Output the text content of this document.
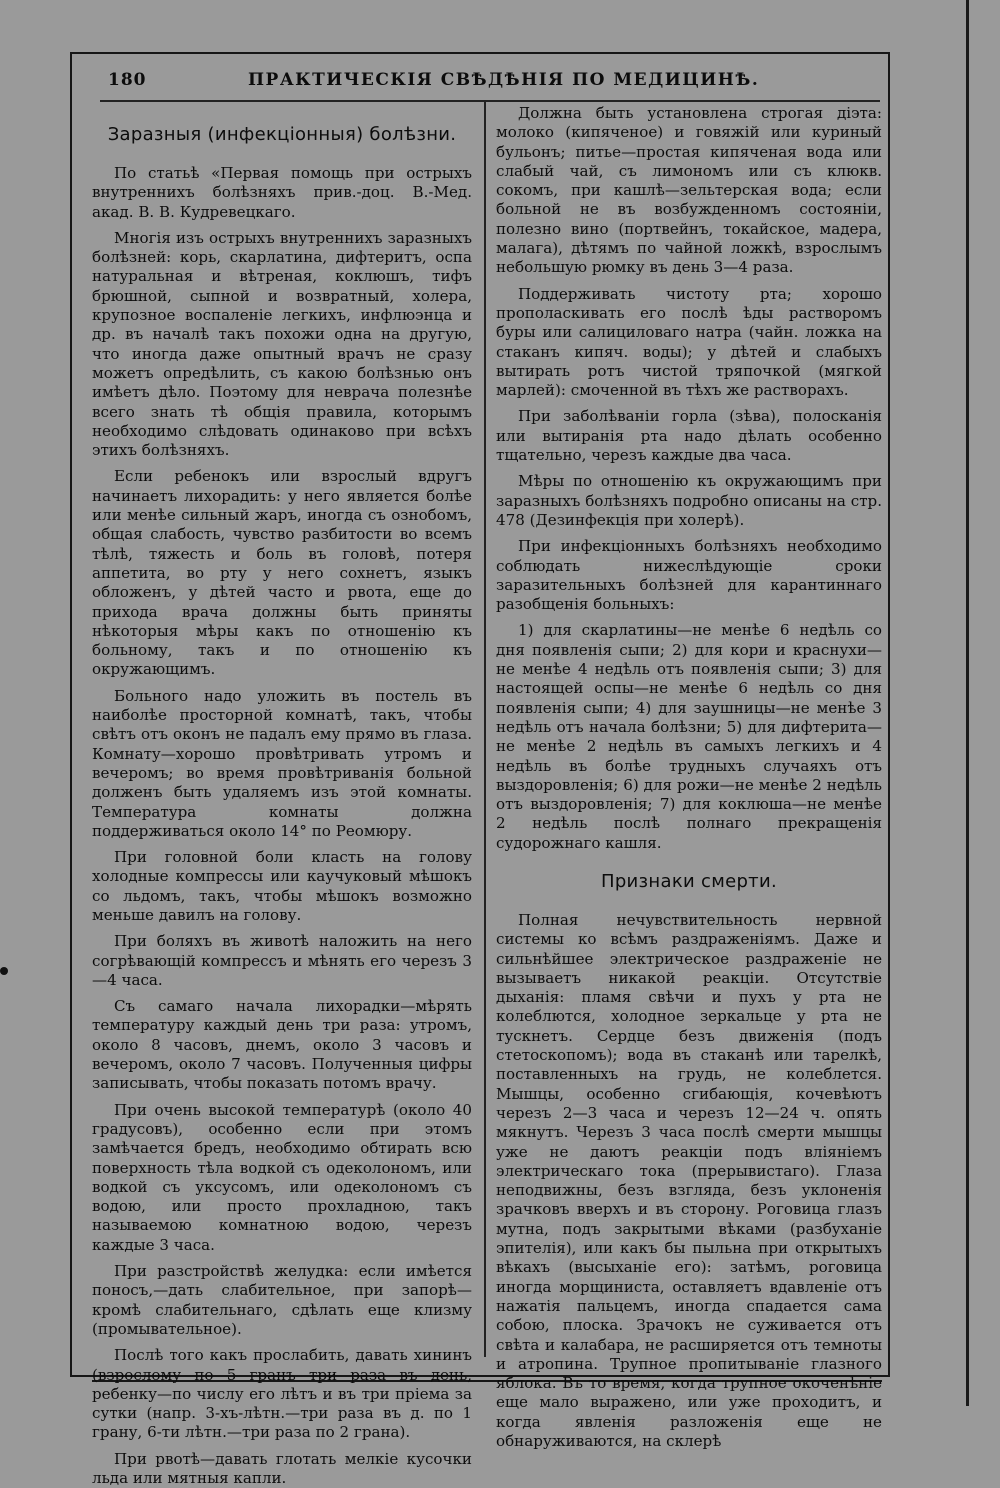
180	ПРАКТИЧЕСКІЯ СВѢДѢНІЯ ПО МЕДИЦИНѢ.
Заразныя (инфекціонныя) болѣзни.

По статьѣ «Первая помощь при острыхъ внутреннихъ болѣзняхъ прив.-доц. В.-Мед. акад. В. В. Кудревецкаго.

Многія изъ острыхъ внутреннихъ заразныхъ болѣзней: корь, скарлатина, дифтеритъ, оспа натуральная и вѣтреная, коклюшъ, тифъ брюшной, сыпной и возвратный, холера, крупозное воспаленіе легкихъ, инфлюэнца и др. въ началѣ такъ похожи одна на другую, что иногда даже опытный врачъ не сразу можетъ опредѣлить, съ какою болѣзнью онъ имѣетъ дѣло. Поэтому для неврача полезнѣе всего знать тѣ общія правила, которымъ необходимо слѣдовать одинаково при всѣхъ этихъ болѣзняхъ.

Если ребенокъ или взрослый вдругъ начинаетъ лихорадить: у него является болѣе или менѣе сильный жаръ, иногда съ ознобомъ, общая слабость, чувство разбитости во всемъ тѣлѣ, тяжесть и боль въ головѣ, потеря аппетита, во рту у него сохнетъ, языкъ обложенъ, у дѣтей часто и рвота, еще до прихода врача должны быть приняты нѣкоторыя мѣры какъ по отношенію къ больному, такъ и по отношенію къ окружающимъ.

Больного надо уложить въ постель въ наиболѣе просторной комнатѣ, такъ, чтобы свѣтъ отъ оконъ не падалъ ему прямо въ глаза. Комнату—хорошо провѣтривать утромъ и вечеромъ; во время провѣтриванія больной долженъ быть удаляемъ изъ этой комнаты. Температура комнаты должна поддерживаться около 14° по Реомюру.

При головной боли класть на голову холодные компрессы или каучуковый мѣшокъ со льдомъ, такъ, чтобы мѣшокъ возможно меньше давилъ на голову.

При боляхъ въ животѣ наложить на него согрѣвающій компрессъ и мѣнять его черезъ 3—4 часа.

Съ самаго начала лихорадки—мѣрять температуру каждый день три раза: утромъ, около 8 часовъ, днемъ, около 3 часовъ и вечеромъ, около 7 часовъ. Полученныя цифры записывать, чтобы показать потомъ врачу.

При очень высокой температурѣ (около 40 градусовъ), особенно если при этомъ замѣчается бредъ, необходимо обтирать всю поверхность тѣла водкой съ одеколономъ, или водкой съ уксусомъ, или одеколономъ съ водою, или просто прохладною, такъ называемою комнатною водою, черезъ каждые 3 часа.

При разстройствѣ желудка: если имѣется поносъ,—дать слабительное, при запорѣ—кромѣ слабительнаго, сдѣлать еще клизму (промывательное).

Послѣ того какъ прослабить, давать хининъ (взрослому по 5 гранъ три раза въ день, ребенку—по числу его лѣтъ и въ три пріема за сутки (напр. 3-хъ-лѣтн.—три раза въ д. по 1 грану, 6-ти лѣтн.—три раза по 2 грана).

При рвотѣ—давать глотать мелкіе кусочки льда или мятныя капли.

Должна быть установлена строгая діэта: молоко (кипяченое) и говяжій или куриный бульонъ; питье—простая кипяченая вода или слабый чай, съ лимономъ или съ клюкв. сокомъ, при кашлѣ—зельтерская вода; если больной не въ возбужденномъ состояніи, полезно вино (портвейнъ, токайское, мадера, малага), дѣтямъ по чайной ложкѣ, взрослымъ небольшую рюмку въ день 3—4 раза.

Поддерживать чистоту рта; хорошо прополаскивать его послѣ ѣды растворомъ буры или салициловаго натра (чайн. ложка на стаканъ кипяч. воды); у дѣтей и слабыхъ вытирать ротъ чистой тряпочкой (мягкой марлей): смоченной въ тѣхъ же растворахъ.

При заболѣваніи горла (зѣва), полосканія или вытиранія рта надо дѣлать особенно тщательно, черезъ каждые два часа.

Мѣры по отношенію къ окружающимъ при заразныхъ болѣзняхъ подробно описаны на стр. 478 (Дезинфекція при холерѣ).

При инфекціонныхъ болѣзняхъ необходимо соблюдать нижеслѣдующіе сроки заразительныхъ болѣзней для карантиннаго разобщенія больныхъ:

1) для скарлатины—не менѣе 6 недѣль со дня появленія сыпи; 2) для кори и краснухи—не менѣе 4 недѣль отъ появленія сыпи; 3) для настоящей оспы—не менѣе 6 недѣль со дня появленія сыпи; 4) для заушницы—не менѣе 3 недѣль отъ начала болѣзни; 5) для дифтерита—не менѣе 2 недѣль въ самыхъ легкихъ и 4 недѣль въ болѣе трудныхъ случаяхъ отъ выздоровленія; 6) для рожи—не менѣе 2 недѣль отъ выздоровленія; 7) для коклюша—не менѣе 2 недѣль послѣ полнаго прекращенія судорожнаго кашля.

Признаки смерти.

Полная нечувствительность нервной системы ко всѣмъ раздраженіямъ. Даже и сильнѣйшее электрическое раздраженіе не вызываетъ никакой реакціи. Отсутствіе дыханія: пламя свѣчи и пухъ у рта не колеблются, холодное зеркальце у рта не тускнетъ. Сердце безъ движенія (подъ стетоскопомъ); вода въ стаканѣ или тарелкѣ, поставленныхъ на грудь, не колеблется. Мышцы, особенно сгибающія, кочевѣютъ черезъ 2—3 часа и черезъ 12—24 ч. опять мякнутъ. Черезъ 3 часа послѣ смерти мышцы уже не даютъ реакціи подъ вліяніемъ электрическаго тока (прерывистаго). Глаза неподвижны, безъ взгляда, безъ уклоненія зрачковъ вверхъ и въ сторону. Роговица глазъ мутна, подъ закрытыми вѣками (разбуханіе эпителія), или какъ бы пыльна при открытыхъ вѣкахъ (высыханіе его): затѣмъ, роговица иногда морщиниста, оставляетъ вдавленіе отъ нажатія пальцемъ, иногда спадается сама собою, плоска. Зрачокъ не суживается отъ свѣта и калабара, не расширяется отъ темноты и атропина. Трупное пропитываніе глазного яблока. Въ то время, когда трупное окоченѣніе еще мало выражено, или уже проходитъ, и когда явленія разложенія еще не обнаруживаются, на склерѣ
